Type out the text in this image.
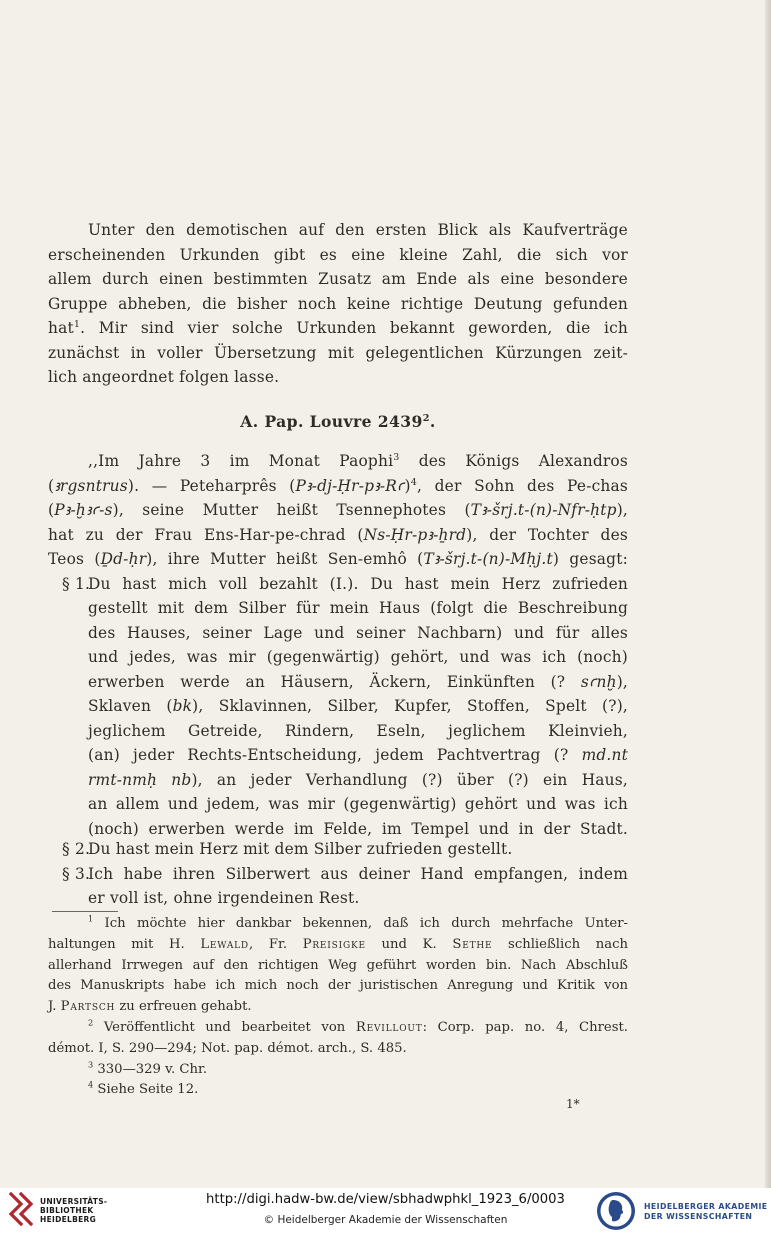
Unter den demotischen auf den ersten Blick als Kaufverträge
erscheinenden Urkunden gibt es eine kleine Zahl, die sich vor
allem durch einen bestimmten Zusatz am Ende als eine besondere
Gruppe abheben, die bisher noch keine richtige Deutung gefunden
hat$^1$. Mir sind vier solche Urkunden bekannt geworden, die ich
zunächst in voller Übersetzung mit gelegentlichen Kürzungen zeit-
lich angeordnet folgen lasse.
A. Pap. Louvre 2439$^2$.
,,Im Jahre 3 im Monat Paophi$^3$ des Königs Alexandros
(ꜣrgsntrus). — Peteharprês (Pꜣ-dj-Ḥr-pꜣ-Rꜥ)$^4$, der Sohn des Pe-chas
(Pꜣ-ḫꜣꜥ-s), seine Mutter heißt Tsennephotes (Tꜣ-šrj.t-(n)-Nfr-ḥtp),
hat zu der Frau Ens-Har-pe-chrad (Ns-Ḥr-pꜣ-ẖrd), der Tochter des
Teos (Ḏd-ḥr), ihre Mutter heißt Sen-emhô (Tꜣ-šrj.t-(n)-Mḥj.t) gesagt:
§ 1.
Du hast mich voll bezahlt (I.). Du hast mein Herz zufrieden
gestellt mit dem Silber für mein Haus (folgt die Beschreibung
des Hauses, seiner Lage und seiner Nachbarn) und für alles
und jedes, was mir (gegenwärtig) gehört, und was ich (noch)
erwerben werde an Häusern, Äckern, Einkünften (? sꜥnḫ),
Sklaven (bk), Sklavinnen, Silber, Kupfer, Stoffen, Spelt (?),
jeglichem Getreide, Rindern, Eseln, jeglichem Kleinvieh,
(an) jeder Rechts-Entscheidung, jedem Pachtvertrag (? md.nt
rmt-nmḥ nb), an jeder Verhandlung (?) über (?) ein Haus,
an allem und jedem, was mir (gegenwärtig) gehört und was ich
(noch) erwerben werde im Felde, im Tempel und in der Stadt.
§ 2.
Du hast mein Herz mit dem Silber zufrieden gestellt.
§ 3.
Ich habe ihren Silberwert aus deiner Hand empfangen, indem
er voll ist, ohne irgendeinen Rest.
$^1$ Ich möchte hier dankbar bekennen, daß ich durch mehrfache Unter-
haltungen mit H. Lewald, Fr. Preisigke und K. Sethe schließlich nach
allerhand Irrwegen auf den richtigen Weg geführt worden bin. Nach Abschluß
des Manuskripts habe ich mich noch der juristischen Anregung und Kritik von
J. Partsch zu erfreuen gehabt.
$^2$ Veröffentlicht und bearbeitet von Revillout: Corp. pap. no. 4, Chrest.
démot. I, S. 290—294; Not. pap. démot. arch., S. 485.
$^3$ 330—329 v. Chr.
$^4$ Siehe Seite 12.
1*
UNIVERSITÄTS-
BIBLIOTHEK
HEIDELBERG
http://digi.hadw-bw.de/view/sbhadwphkl_1923_6/0003
© Heidelberger Akademie der Wissenschaften
HEIDELBERGER AKADEMIE
DER WISSENSCHAFTEN
